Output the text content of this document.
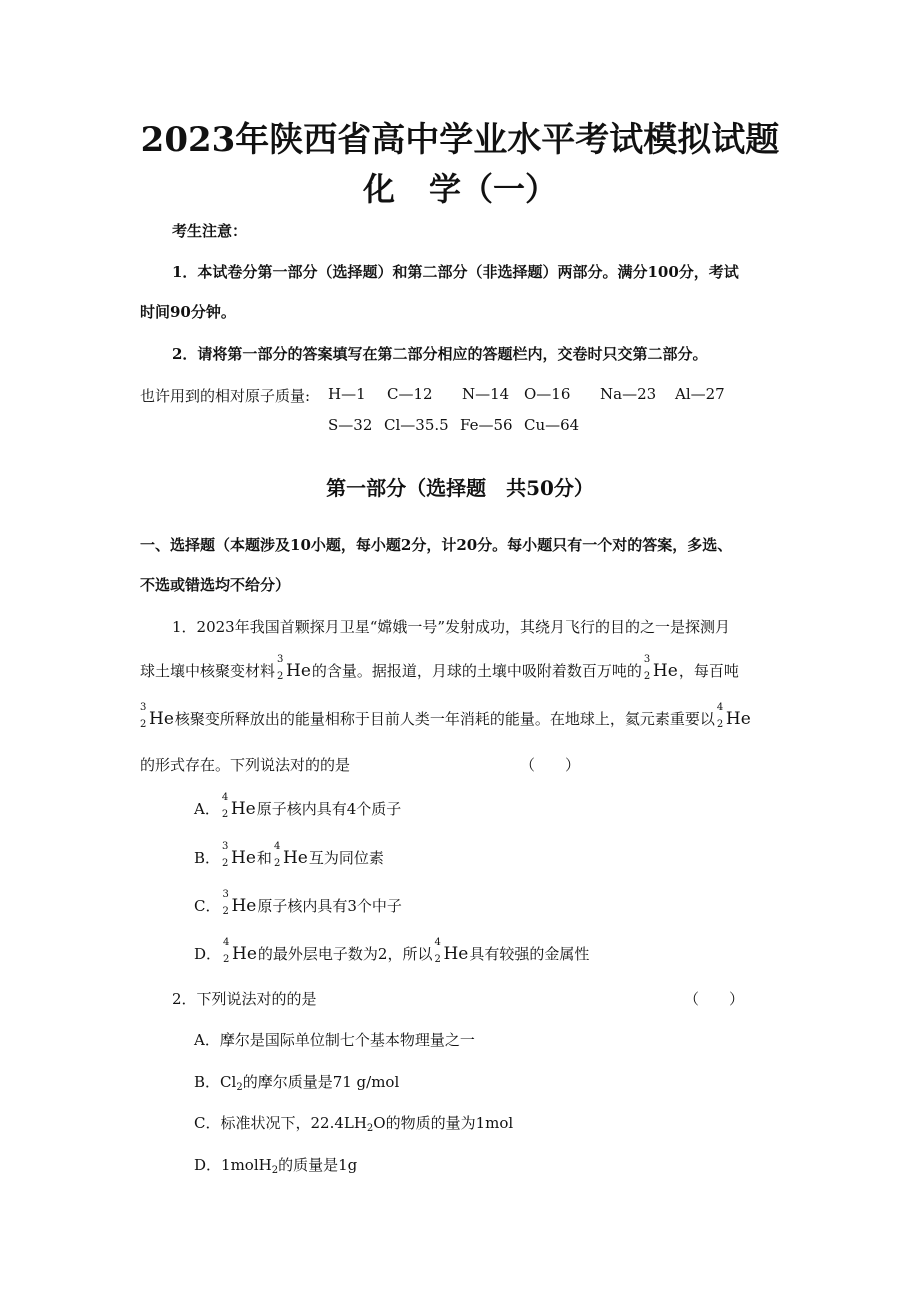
2023年陕西省高中学业水平考试模拟试题
化 学（一）
考生注意：
1．本试卷分第一部分（选择题）和第二部分（非选择题）两部分。满分100分，考试
时间90分钟。
2．请将第一部分的答案填写在第二部分相应的答题栏内，交卷时只交第二部分。
也许用到的相对原子质量: H—1 C—12 N—14 O—16 Na—23 Al—27
S—32 Cl—35.5 Fe—56 Cu—64
第一部分（选择题　共50分）
一、选择题（本题涉及10小题，每小题2分，计20分。每小题只有一个对的答案，多选、
不选或错选均不给分）
1．2023年我国首颗探月卫星“嫦娥一号”发射成功，其绕月飞行的目的之一是探测月
球土壤中核聚变材料
3
2 He的含量。据报道，月球的土壤中吸附着数百万吨的
3
2 He，每百吨
3
2 He核聚变所释放出的能量相称于目前人类一年消耗的能量。在地球上，氦元素重要以
4
2 He
的形式存在。下列说法对的的是	（　　）
A．
4
2 He原子核内具有4个质子
B．
3
2 He和
4
2 He互为同位素
C．
3
2 He原子核内具有3个中子
D．
4
2 He的最外层电子数为2，所以
4
2 He具有较强的金属性
2．下列说法对的的是	（　　）
A．摩尔是国际单位制七个基本物理量之一
B．$Cl_2$的摩尔质量是71 g/mol
C．标准状况下，$22.4LH_2O$的物质的量为1mol
D．1molH$_2$的质量是1g
